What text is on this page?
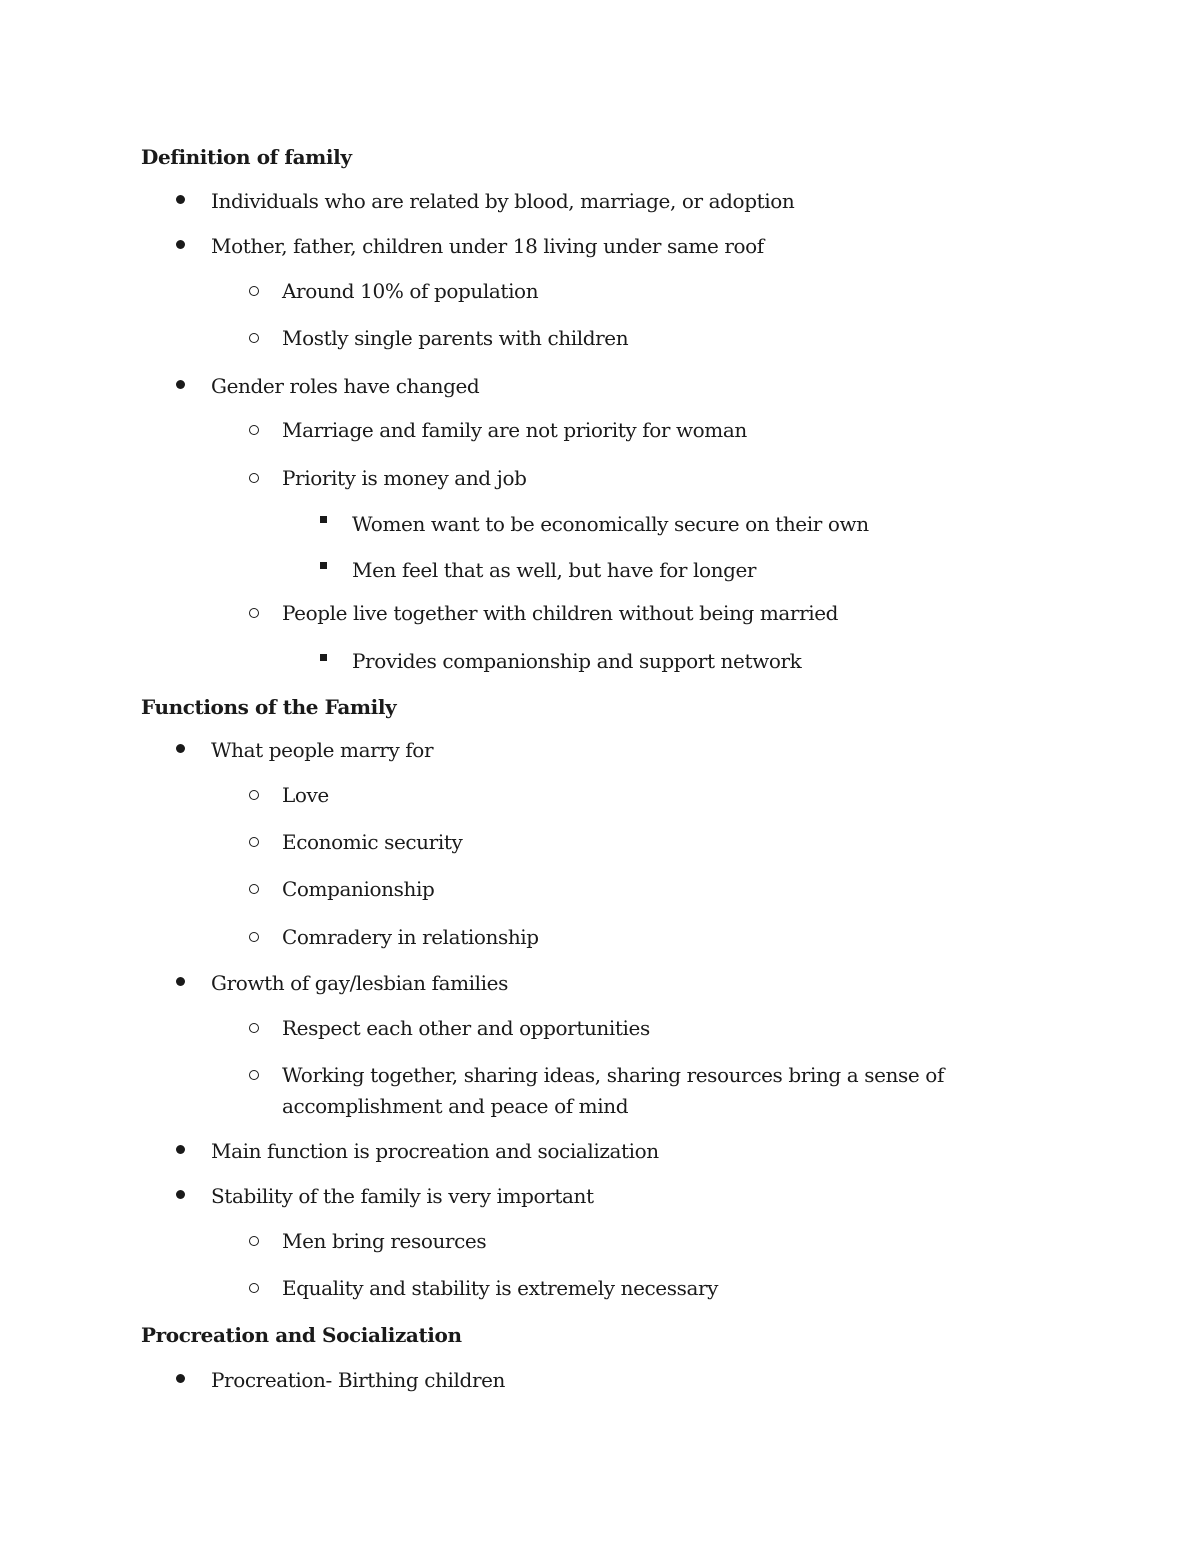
Definition of family
Individuals who are related by blood, marriage, or adoption
Mother, father, children under 18 living under same roof
Around 10% of population
Mostly single parents with children
Gender roles have changed
Marriage and family are not priority for woman
Priority is money and job
Women want to be economically secure on their own
Men feel that as well, but have for longer
People live together with children without being married
Provides companionship and support network
Functions of the Family
What people marry for
Love
Economic security
Companionship
Comradery in relationship
Growth of gay/lesbian families
Respect each other and opportunities
Working together, sharing ideas, sharing resources bring a sense of
accomplishment and peace of mind
Main function is procreation and socialization
Stability of the family is very important
Men bring resources
Equality and stability is extremely necessary
Procreation and Socialization
Procreation- Birthing children
